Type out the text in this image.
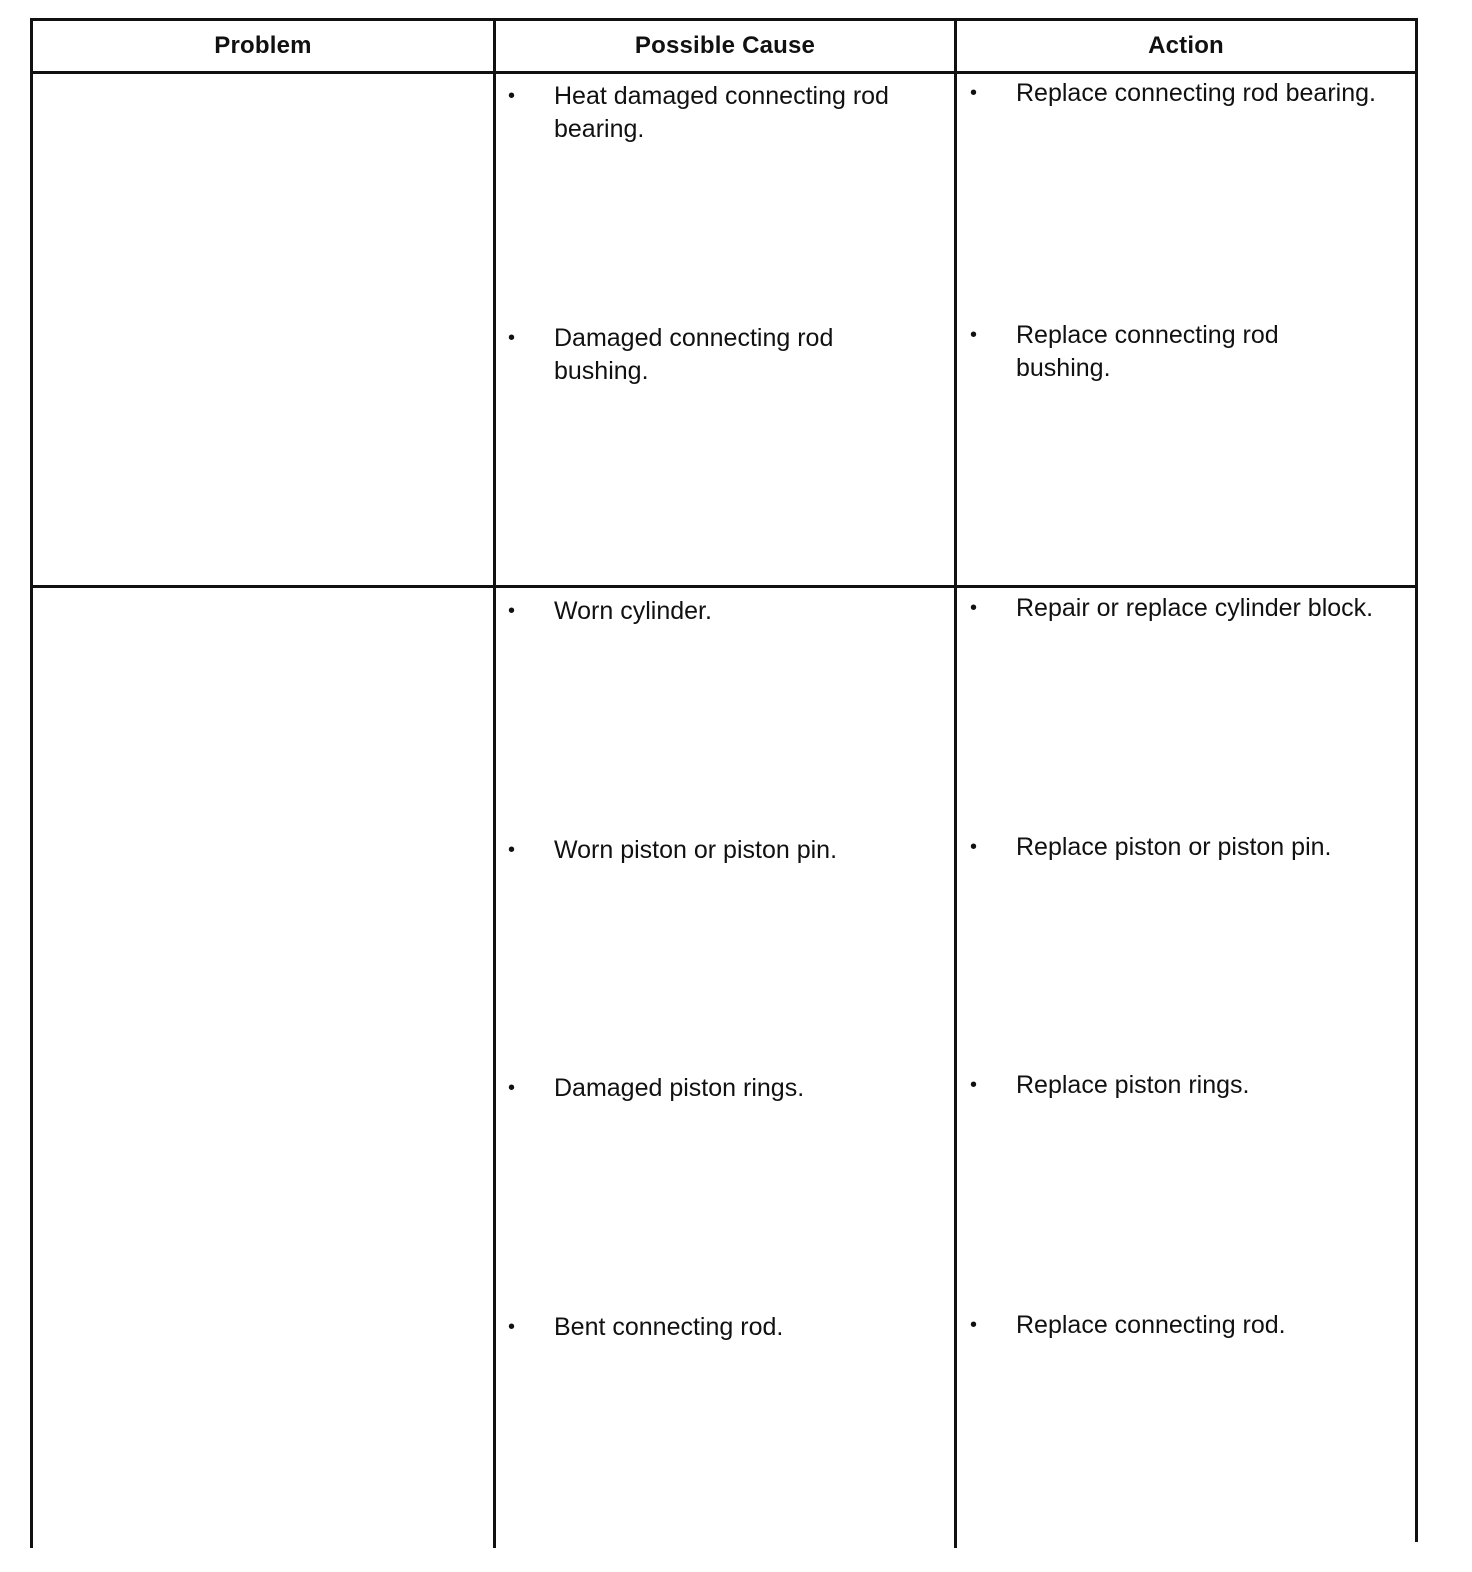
Problem	Possible Cause	Action
• Heat damaged connecting rod bearing.
• Damaged connecting rod bushing.
• Replace connecting rod bearing.
• Replace connecting rod bushing.
• Worn cylinder.
• Worn piston or piston pin.
• Damaged piston rings.
• Bent connecting rod.
• Repair or replace cylinder block.
• Replace piston or piston pin.
• Replace piston rings.
• Replace connecting rod.
